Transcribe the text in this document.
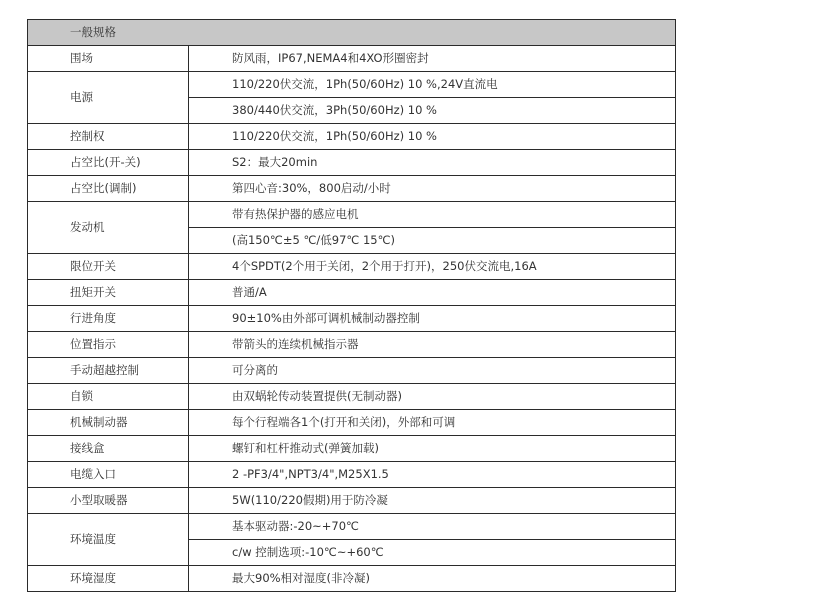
一般规格	
围场	防风雨，IP67,NEMA4和4XO形圈密封
电源	110/220伏交流，1Ph(50/60Hz) 10 %,24V直流电
	380/440伏交流，3Ph(50/60Hz) 10 %
控制权	110/220伏交流，1Ph(50/60Hz) 10 %
占空比(开-关)	S2：最大20min
占空比(调制)	第四心音:30%，800启动/小时
发动机	带有热保护器的感应电机
	(高150℃±5 ℃/低97℃ 15℃)
限位开关	4个SPDT(2个用于关闭，2个用于打开)，250伏交流电,16A
扭矩开关	普通/A
行进角度	90±10%由外部可调机械制动器控制
位置指示	带箭头的连续机械指示器
手动超越控制	可分离的
自锁	由双蜗轮传动装置提供(无制动器)
机械制动器	每个行程端各1个(打开和关闭)，外部和可调
接线盒	螺钉和杠杆推动式(弹簧加载)
电缆入口	2 -PF3/4",NPT3/4",M25X1.5
小型取暖器	5W(110/220假期)用于防冷凝
环境温度	基本驱动器:-20~+70℃
	c/w 控制选项:-10℃~+60℃
环境湿度	最大90%相对湿度(非冷凝)
